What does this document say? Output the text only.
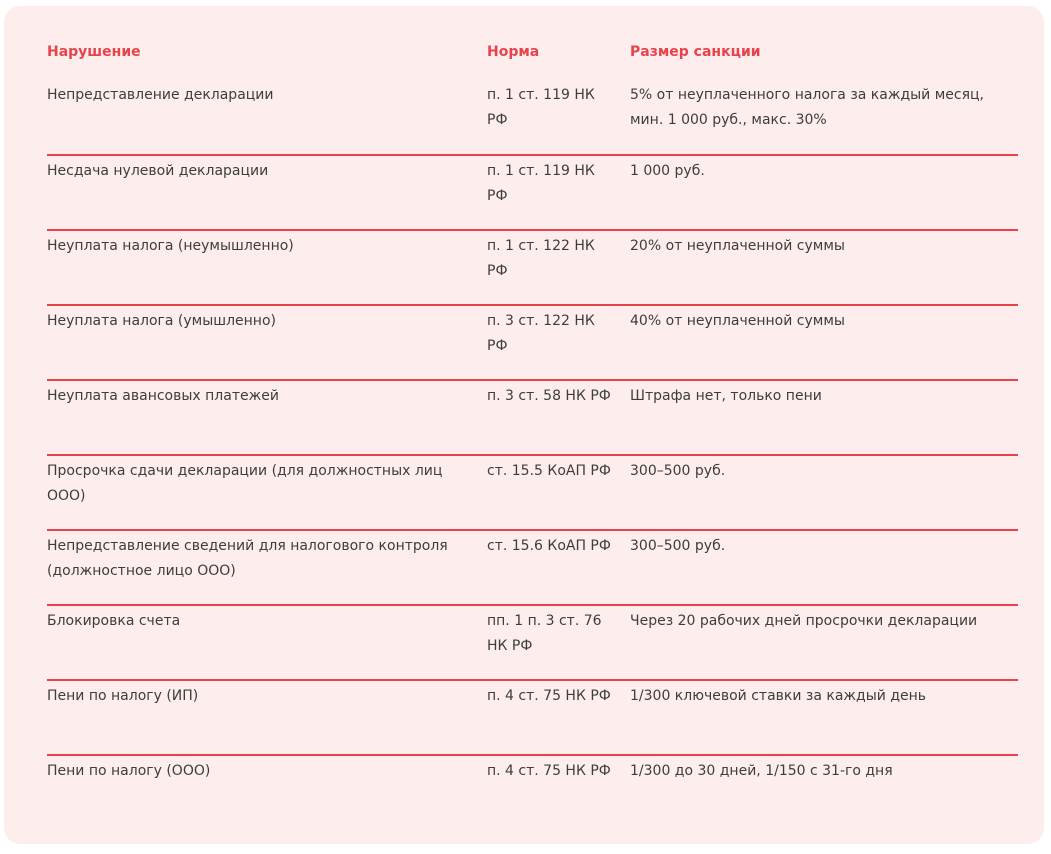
Нарушение	Норма	Размер санкции

Непредставление декларации	п. 1 ст. 119 НК РФ	5% от неуплаченного налога за каждый месяц, мин. 1 000 руб., макс. 30%

Несдача нулевой декларации	п. 1 ст. 119 НК РФ	1 000 руб.

Неуплата налога (неумышленно)	п. 1 ст. 122 НК РФ	20% от неуплаченной суммы

Неуплата налога (умышленно)	п. 3 ст. 122 НК РФ	40% от неуплаченной суммы

Неуплата авансовых платежей	п. 3 ст. 58 НК РФ	Штрафа нет, только пени

Просрочка сдачи декларации (для должностных лиц ООО)	ст. 15.5 КоАП РФ	300–500 руб.

Непредставление сведений для налогового контроля (должностное лицо ООО)	ст. 15.6 КоАП РФ	300–500 руб.

Блокировка счета	пп. 1 п. 3 ст. 76 НК РФ	Через 20 рабочих дней просрочки декларации

Пени по налогу (ИП)	п. 4 ст. 75 НК РФ	1/300 ключевой ставки за каждый день

Пени по налогу (ООО)	п. 4 ст. 75 НК РФ	1/300 до 30 дней, 1/150 с 31-го дня
